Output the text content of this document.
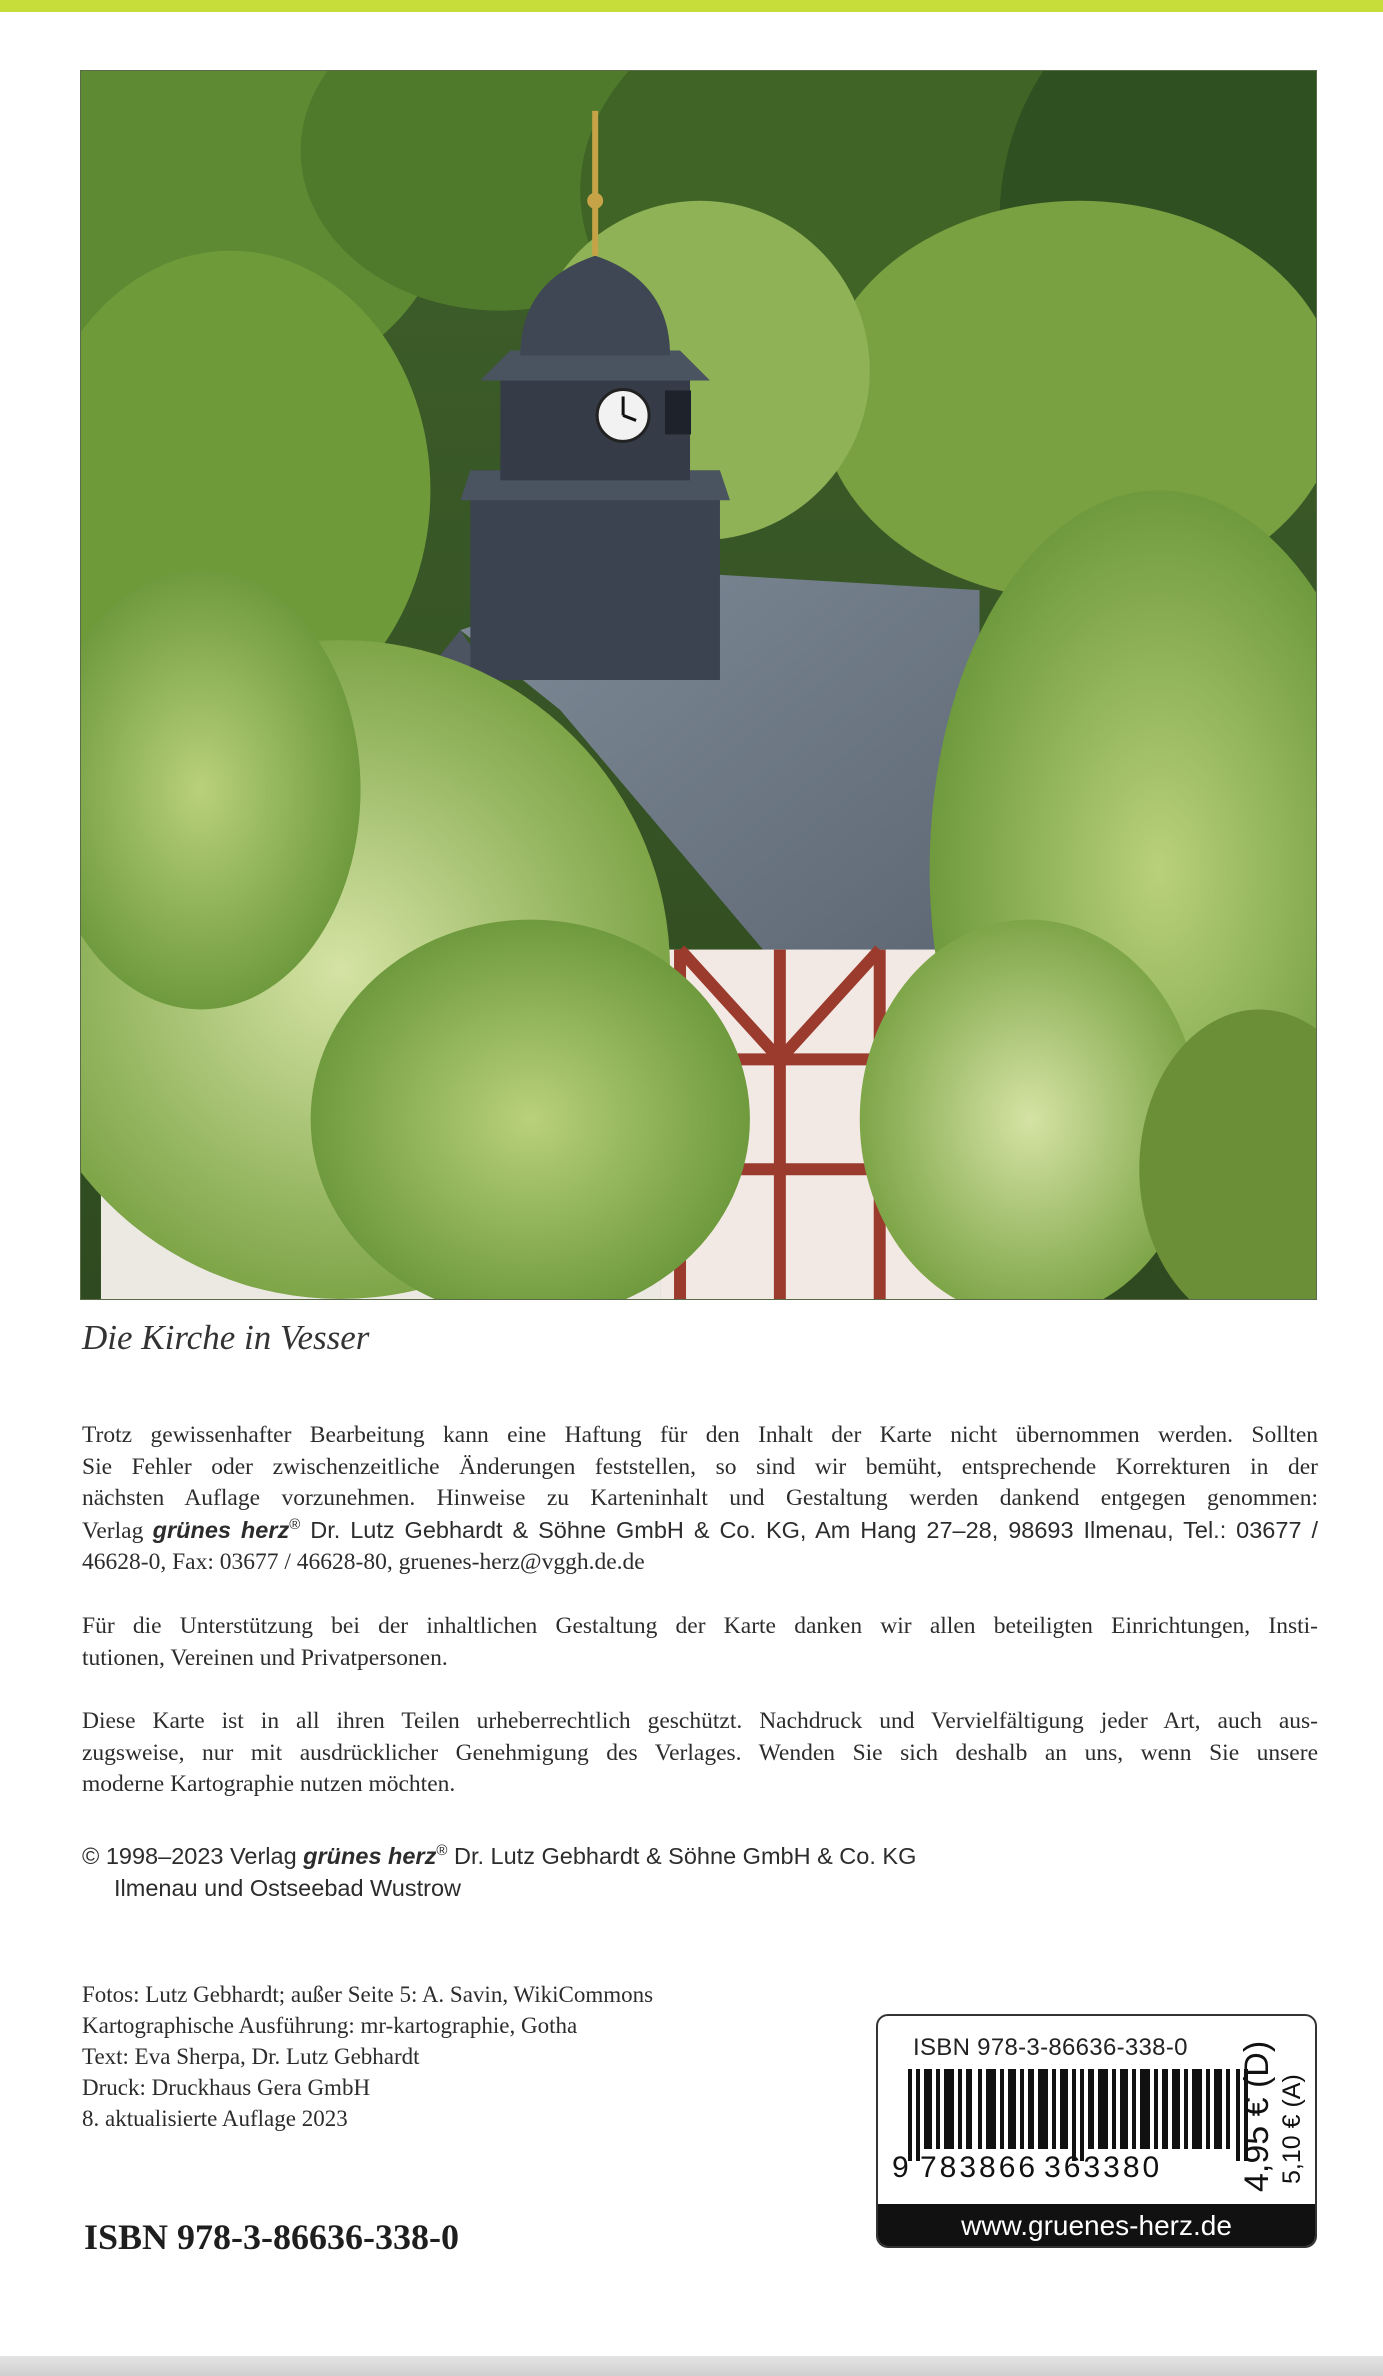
Die Kirche in Vesser
Trotz gewissenhafter Bearbeitung kann eine Haftung für den Inhalt der Karte nicht übernommen werden. Sollten
Sie Fehler oder zwischenzeitliche Änderungen feststellen, so sind wir bemüht, entsprechende Korrekturen in der
nächsten Auflage vorzunehmen. Hinweise zu Karteninhalt und Gestaltung werden dankend entgegen genommen:
Verlag grünes herz® Dr. Lutz Gebhardt & Söhne GmbH & Co. KG, Am Hang 27–28, 98693 Ilmenau, Tel.: 03677 /
46628-0, Fax: 03677 / 46628-80, gruenes-herz@vggh.de.de
Für die Unterstützung bei der inhaltlichen Gestaltung der Karte danken wir allen beteiligten Einrichtungen, Insti-
tutionen, Vereinen und Privatpersonen.
Diese Karte ist in all ihren Teilen urheberrechtlich geschützt. Nachdruck und Vervielfältigung jeder Art, auch aus-
zugsweise, nur mit ausdrücklicher Genehmigung des Verlages. Wenden Sie sich deshalb an uns, wenn Sie unsere
moderne Kartographie nutzen möchten.
© 1998–2023 Verlag grünes herz® Dr. Lutz Gebhardt & Söhne GmbH & Co. KG
Ilmenau und Ostseebad Wustrow
Fotos: Lutz Gebhardt; außer Seite 5: A. Savin, WikiCommons
Kartographische Ausführung: mr-kartographie, Gotha
Text: Eva Sherpa, Dr. Lutz Gebhardt
Druck: Druckhaus Gera GmbH
8. aktualisierte Auflage 2023
ISBN 978-3-86636-338-0
ISBN 978-3-86636-338-0
9 783866 363380 4,95 € (D) 5,10 € (A)
www.gruenes-herz.de
